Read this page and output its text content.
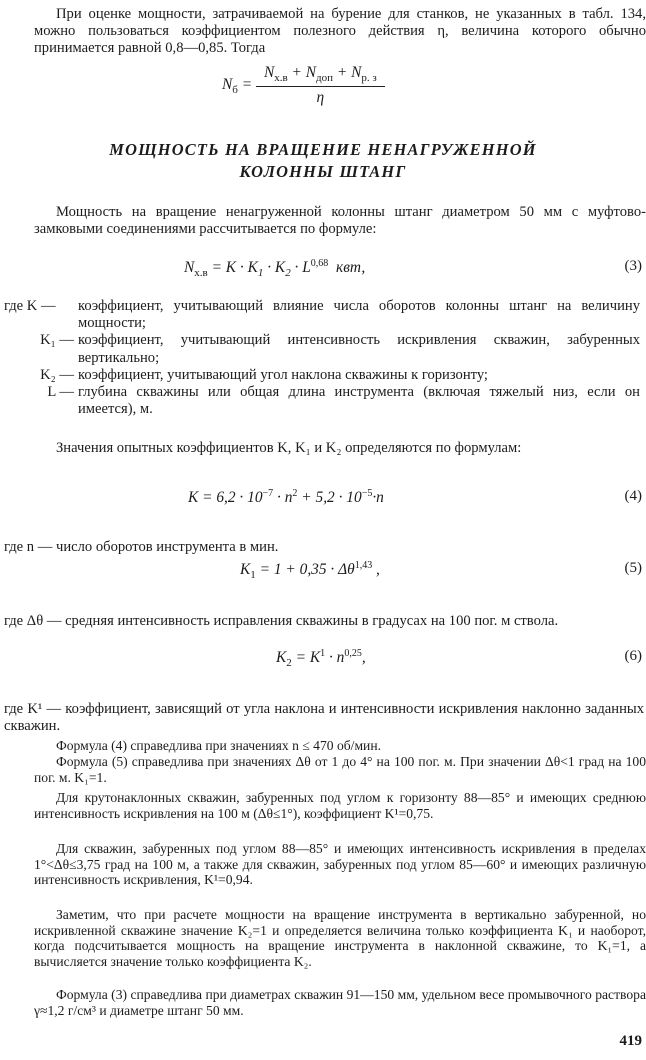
При оценке мощности, затрачиваемой на бурение для станков, не указанных в табл. 134, можно пользоваться коэффициентом полезного действия η, величина которого обычно принимается равной 0,8—0,85. Тогда

$N_б = \frac{N_{х.в} + N_{доп} + N_{р. з}}{\eta}$

МОЩНОСТЬ НА ВРАЩЕНИЕ НЕНАГРУЖЕННОЙ

КОЛОННЫ ШТАНГ

Мощность на вращение ненагруженной колонны штанг диаметром 50 мм с муфтово-замковыми соединениями рассчитывается по формуле:

$N_{х.в} = K \cdot K_1 \cdot K_2 \cdot L^{0,68}$ квт,	(3)
где K —	коэффициент, учитывающий влияние числа оборотов колонны штанг на величину мощности;
K₁ — коэффициент, учитывающий интенсивность искривления скважин, забуренных вертикально;
K₂ — коэффициент, учитывающий угол наклона скважины к горизонту;
L — глубина скважины или общая длина инструмента (включая тяжелый низ, если он имеется), м.

Значения опытных коэффициентов K, K₁ и K₂ определяются по формулам:

$K = 6,2 \cdot 10^{-7} \cdot n^2 + 5,2 \cdot 10^{-5}\cdot n$	(4)

где n — число оборотов инструмента в мин.

$K_1 = 1 + 0,35 \cdot \Delta\theta^{1,43}$ ,	(5)

где Δθ — средняя интенсивность исправления скважины в градусах на 100 пог. м ствола.

$K_2 = K^1 \cdot n^{0,25}$,	(6)

где K¹ — коэффициент, зависящий от угла наклона и интенсивности искривления наклонно заданных скважин.

Формула (4) справедлива при значениях n ≤ 470 об/мин.

Формула (5) справедлива при значениях Δθ от 1 до 4° на 100 пог. м. При значении Δθ<1 град на 100 пог. м. K₁=1.

Для крутонаклонных скважин, забуренных под углом к горизонту 88—85° и имеющих среднюю интенсивность искривления на 100 м (Δθ≤1°), коэффициент K¹=0,75.

Для скважин, забуренных под углом 88—85° и имеющих интенсивность искривления в пределах 1°<Δθ≤3,75 град на 100 м, а также для скважин, забуренных под углом 85—60° и имеющих различную интенсивность искривления, K¹=0,94.

Заметим, что при расчете мощности на вращение инструмента в вертикально забуренной, но искривленной скважине значение K₂=1 и определяется величина только коэффициента K₁ и наоборот, когда подсчитывается мощность на вращение инструмента в наклонной скважине, то K₁=1, а вычисляется значение только коэффициента K₂.

Формула (3) справедлива при диаметрах скважин 91—150 мм, удельном весе промывочного раствора γ≈1,2 г/см³ и диаметре штанг 50 мм.

419
